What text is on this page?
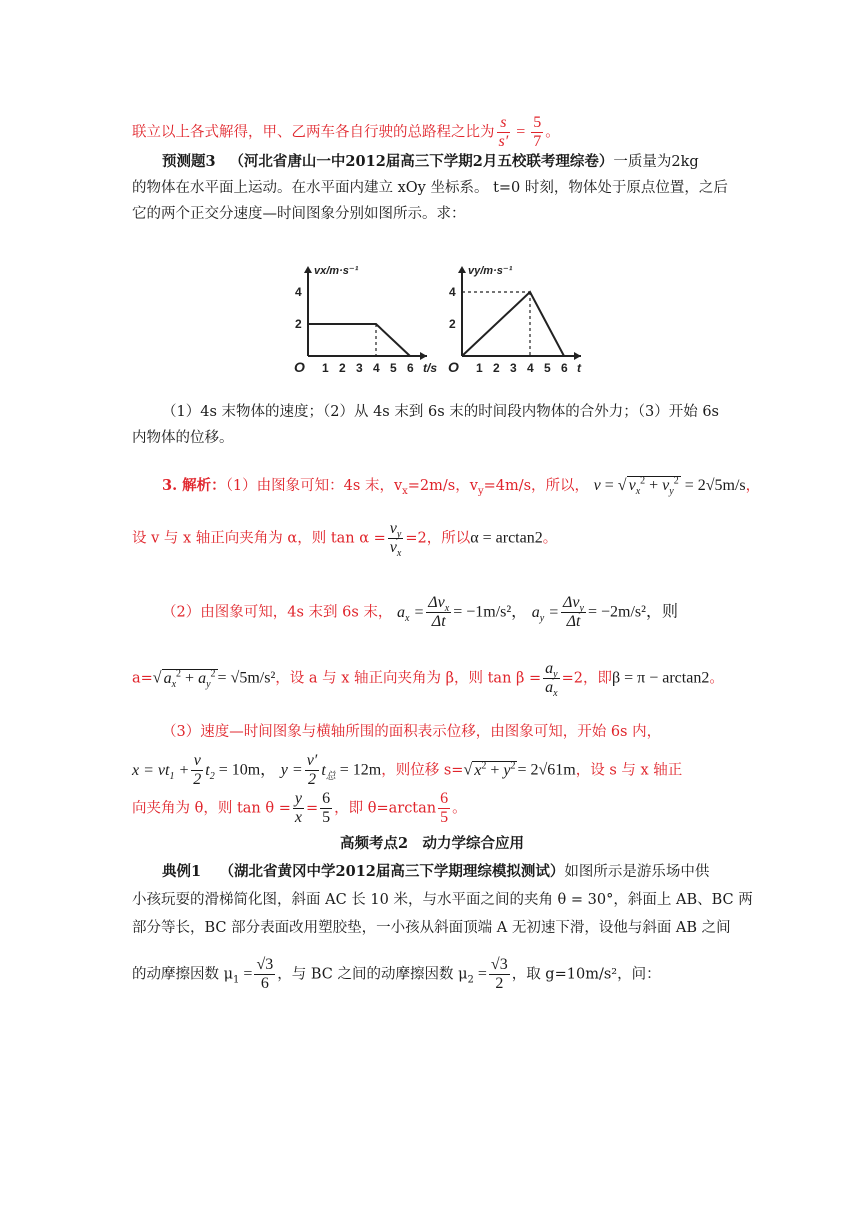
联立以上各式解得，甲、乙两车各自行驶的总路程之比为 $\frac{s}{s'} = \frac{5}{7}$ 。
预测题3 （河北省唐山一中2012届高三下学期2月五校联考理综卷）一质量为2kg
的物体在水平面上运动。在水平面内建立 xOy 坐标系。 t=0 时刻，物体处于原点位置，之后
它的两个正交分速度—时间图象分别如图所示。求：
vx/m·s⁻¹
t/s
O 1 2 3 4 5 6
2
4
vy/m·s⁻¹
t
O 1 2 3 4 5 6
2
4
（1）4s 末物体的速度；（2）从 4s 末到 6s 末的时间段内物体的合外力；（3）开始 6s
内物体的位移。
3. 解析：（1）由图象可知：4s 末，$v_x=2m/s$，$v_y=4m/s$，所以， v = √ $v_x^2 + v_y^2 = 2√5m/s$，
设 v 与 x 轴正向夹角为 α，则 $\tan \alpha = \frac{v_y}{v_x} =2$，所以α = arctan2。
（2）由图象可知，4s 末到 6s 末， $a_x = \frac{\Delta v_x}{\Delta t} = -1m/s^2$， $a_y = \frac{\Delta v_y}{\Delta t} = -2m/s^2$，则
a=√ $a_x^2 + a_y^2 = √5m/s^2$，设 a 与 x 轴正向夹角为 β，则 $\tan \beta = \frac{a_y}{a_x} =2$，即β = π − arctan2。
（3）速度—时间图象与横轴所围的面积表示位移，由图象可知，开始 6s 内，
$x = vt_1 + \frac{v}{2} t_2 = 10m$， $y = \frac{v'}{2} t_总 = 12m$，则位移 s=√ $x^2 + y^2 = 2√61m$，设 s 与 x 轴正
向夹角为 θ，则 $\tan \theta = \frac{y}{x} = \frac{6}{5}$ ，即 $\theta=\arctan \frac{6}{5}$ 。
高频考点2　动力学综合应用
典例1 （湖北省黄冈中学2012届高三下学期理综模拟测试）如图所示是游乐场中供
小孩玩耍的滑梯简化图，斜面 AC 长 10 米，与水平面之间的夹角 θ = 30°，斜面上 AB、BC 两
部分等长，BC 部分表面改用塑胶垫，一小孩从斜面顶端 A 无初速下滑，设他与斜面 AB 之间
的动摩擦因数 $\mu_1 = \frac{√3}{6}$ ，与 BC 之间的动摩擦因数 $\mu_2 = \frac{√3}{2}$ ，取 g=10m/s²，问：
